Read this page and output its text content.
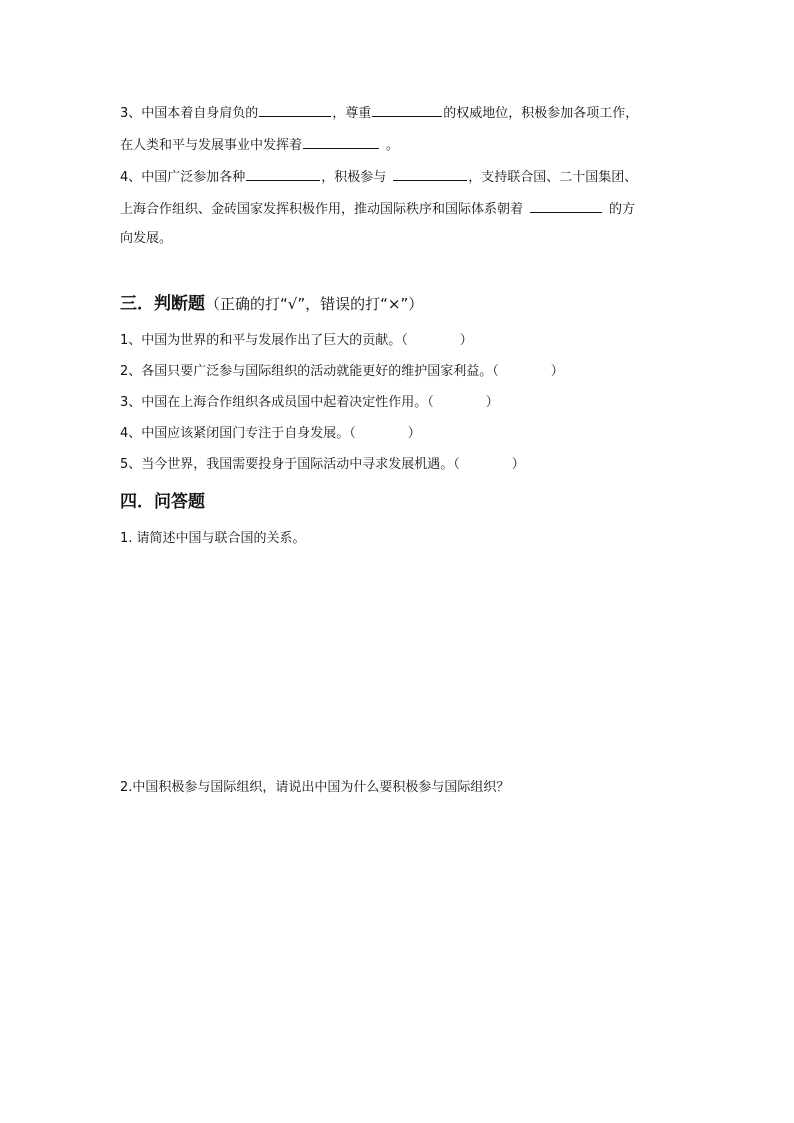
3、中国本着自身肩负的	，尊重	的权威地位，积极参加各项工作，
在人类和平与发展事业中发挥着	。
4、中国广泛参加各种	，积极参与	，支持联合国、二十国集团、
上海合作组织、金砖国家发挥积极作用，推动国际秩序和国际体系朝着	的方
向发展。
三．判断题（正确的打“√”，错误的打“×”）
1、中国为世界的和平与发展作出了巨大的贡献。（	）
2、各国只要广泛参与国际组织的活动就能更好的维护国家利益。（	）
3、中国在上海合作组织各成员国中起着决定性作用。（	）
4、中国应该紧闭国门专注于自身发展。（	）
5、当今世界，我国需要投身于国际活动中寻求发展机遇。（	）
四．问答题
1. 请简述中国与联合国的关系。
2.中国积极参与国际组织，请说出中国为什么要积极参与国际组织？
